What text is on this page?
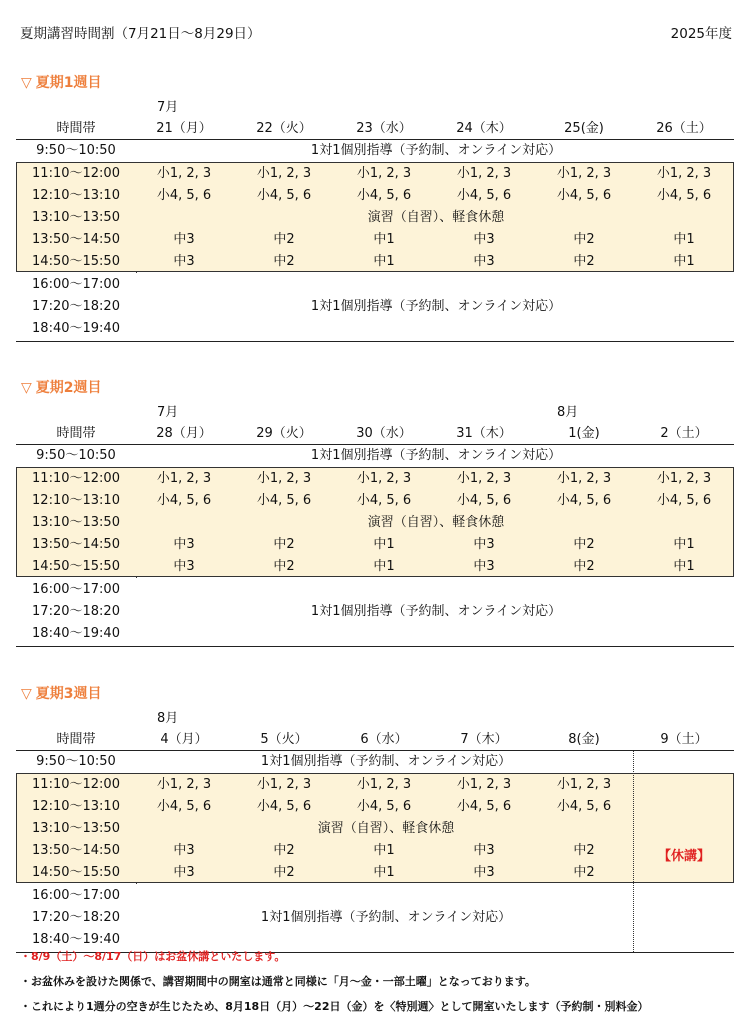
夏期講習時間割（7月21日～8月29日）	2025年度
▽ 夏期1週目
7月
時間帯	21（月）	22（火）	23（水）	24（木）	25(金)	26（土）
9:50～10:50	1対1個別指導（予約制、オンライン対応）
11:10～12:00	小1, 2, 3	小1, 2, 3	小1, 2, 3	小1, 2, 3	小1, 2, 3	小1, 2, 3
12:10～13:10	小4, 5, 6	小4, 5, 6	小4, 5, 6	小4, 5, 6	小4, 5, 6	小4, 5, 6
13:10～13:50	演習（自習）、軽食休憩
13:50～14:50	中3	中2	中1	中3	中2	中1
14:50～15:50	中3	中2	中1	中3	中2	中1
16:00～17:00
17:20～18:20	1対1個別指導（予約制、オンライン対応）
18:40～19:40
▽ 夏期2週目
7月	8月
時間帯	28（月）	29（火）	30（水）	31（木）	1(金)	2（土）
9:50～10:50	1対1個別指導（予約制、オンライン対応）
11:10～12:00	小1, 2, 3	小1, 2, 3	小1, 2, 3	小1, 2, 3	小1, 2, 3	小1, 2, 3
12:10～13:10	小4, 5, 6	小4, 5, 6	小4, 5, 6	小4, 5, 6	小4, 5, 6	小4, 5, 6
13:10～13:50	演習（自習）、軽食休憩
13:50～14:50	中3	中2	中1	中3	中2	中1
14:50～15:50	中3	中2	中1	中3	中2	中1
16:00～17:00
17:20～18:20	1対1個別指導（予約制、オンライン対応）
18:40～19:40
▽ 夏期3週目
8月
時間帯	4（月）	5（火）	6（水）	7（木）	8(金)	9（土）
9:50～10:50	1対1個別指導（予約制、オンライン対応）
11:10～12:00	小1, 2, 3	小1, 2, 3	小1, 2, 3	小1, 2, 3	小1, 2, 3
12:10～13:10	小4, 5, 6	小4, 5, 6	小4, 5, 6	小4, 5, 6	小4, 5, 6
13:10～13:50	演習（自習）、軽食休憩
13:50～14:50	中3	中2	中1	中3	中2
14:50～15:50	中3	中2	中1	中3	中2
16:00～17:00
17:20～18:20	1対1個別指導（予約制、オンライン対応）
18:40～19:40
【休講】
・8/9（土）～8/17（日）はお盆休講といたします。
・お盆休みを設けた関係で、講習期間中の開室は通常と同様に「月～金・一部土曜」となっております。
・これにより1週分の空きが生じたため、8月18日（月）～22日（金）を〈特別週〉として開室いたします（予約制・別料金）
